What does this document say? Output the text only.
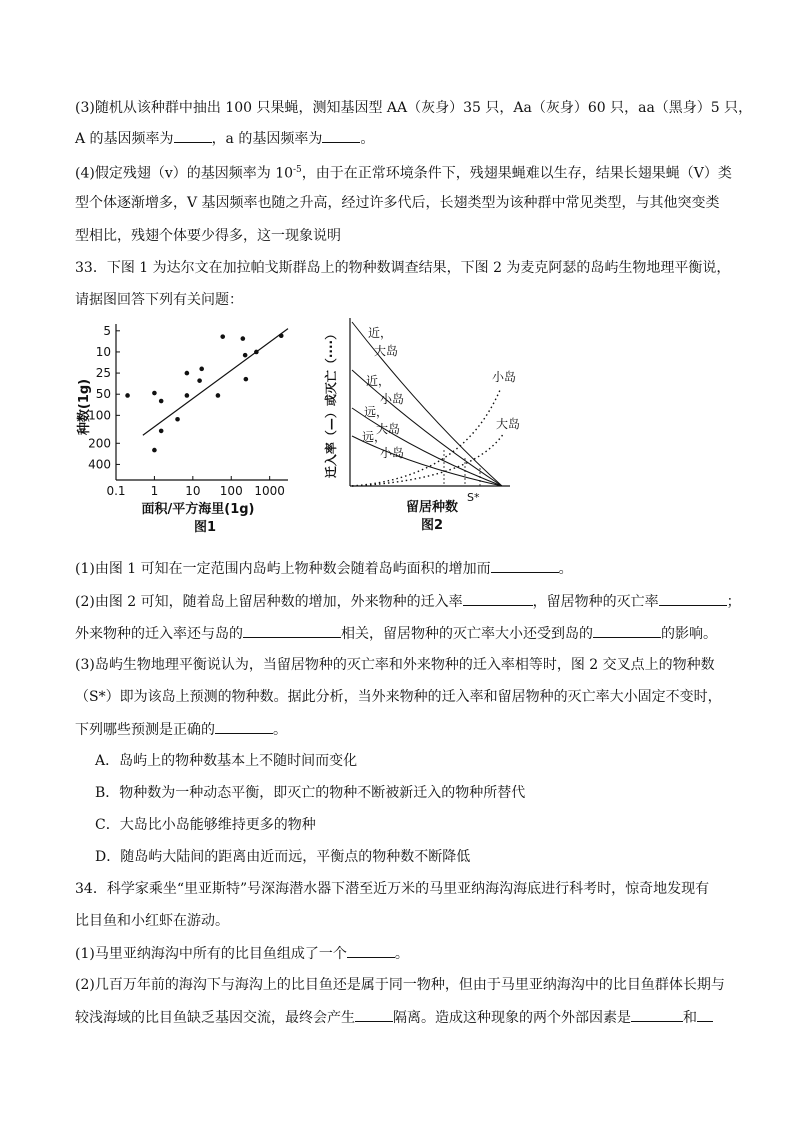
(3)随机从该种群中抽出 100 只果蝇，测知基因型 AA（灰身）35 只，Aa（灰身）60 只，aa（黑身）5 只，
A 的基因频率为	，a 的基因频率为	。
(4)假定残翅（v）的基因频率为 $10^{-5}$，由于在正常环境条件下，残翅果蝇难以生存，结果长翅果蝇（V）类
型个体逐渐增多，V 基因频率也随之升高，经过许多代后，长翅类型为该种群中常见类型，与其他突变类
型相比，残翅个体要少得多，这一现象说明
33．下图 1 为达尔文在加拉帕戈斯群岛上的物种数调查结果，下图 2 为麦克阿瑟的岛屿生物地理平衡说，
请据图回答下列有关问题：
5
10
25
50
100
200
400
0.1 1 10 100 1000
种数(1g)
面积/平方海里(1g)
图1
迁入率（—）或灭亡（····）	近，
大岛
近，
小岛
远，
大岛
远，
小岛
小岛
大岛
S*
留居种数
图2
(1)由图 1 可知在一定范围内岛屿上物种数会随着岛屿面积的增加而	。
(2)由图 2 可知，随着岛上留居种数的增加，外来物种的迁入率	，留居物种的灭亡率	；
外来物种的迁入率还与岛的	相关，留居物种的灭亡率大小还受到岛的	的影响。
(3)岛屿生物地理平衡说认为，当留居物种的灭亡率和外来物种的迁入率相等时，图 2 交叉点上的物种数
（S*）即为该岛上预测的物种数。据此分析，当外来物种的迁入率和留居物种的灭亡率大小固定不变时，
下列哪些预测是正确的	。
A．岛屿上的物种数基本上不随时间而变化
B．物种数为一种动态平衡，即灭亡的物种不断被新迁入的物种所替代
C．大岛比小岛能够维持更多的物种
D．随岛屿大陆间的距离由近而远，平衡点的物种数不断降低
34．科学家乘坐“里亚斯特”号深海潜水器下潜至近万米的马里亚纳海沟海底进行科考时，惊奇地发现有
比目鱼和小红虾在游动。
(1)马里亚纳海沟中所有的比目鱼组成了一个	。
(2)几百万年前的海沟下与海沟上的比目鱼还是属于同一物种，但由于马里亚纳海沟中的比目鱼群体长期与
较浅海域的比目鱼缺乏基因交流，最终会产生	隔离。造成这种现象的两个外部因素是	和
